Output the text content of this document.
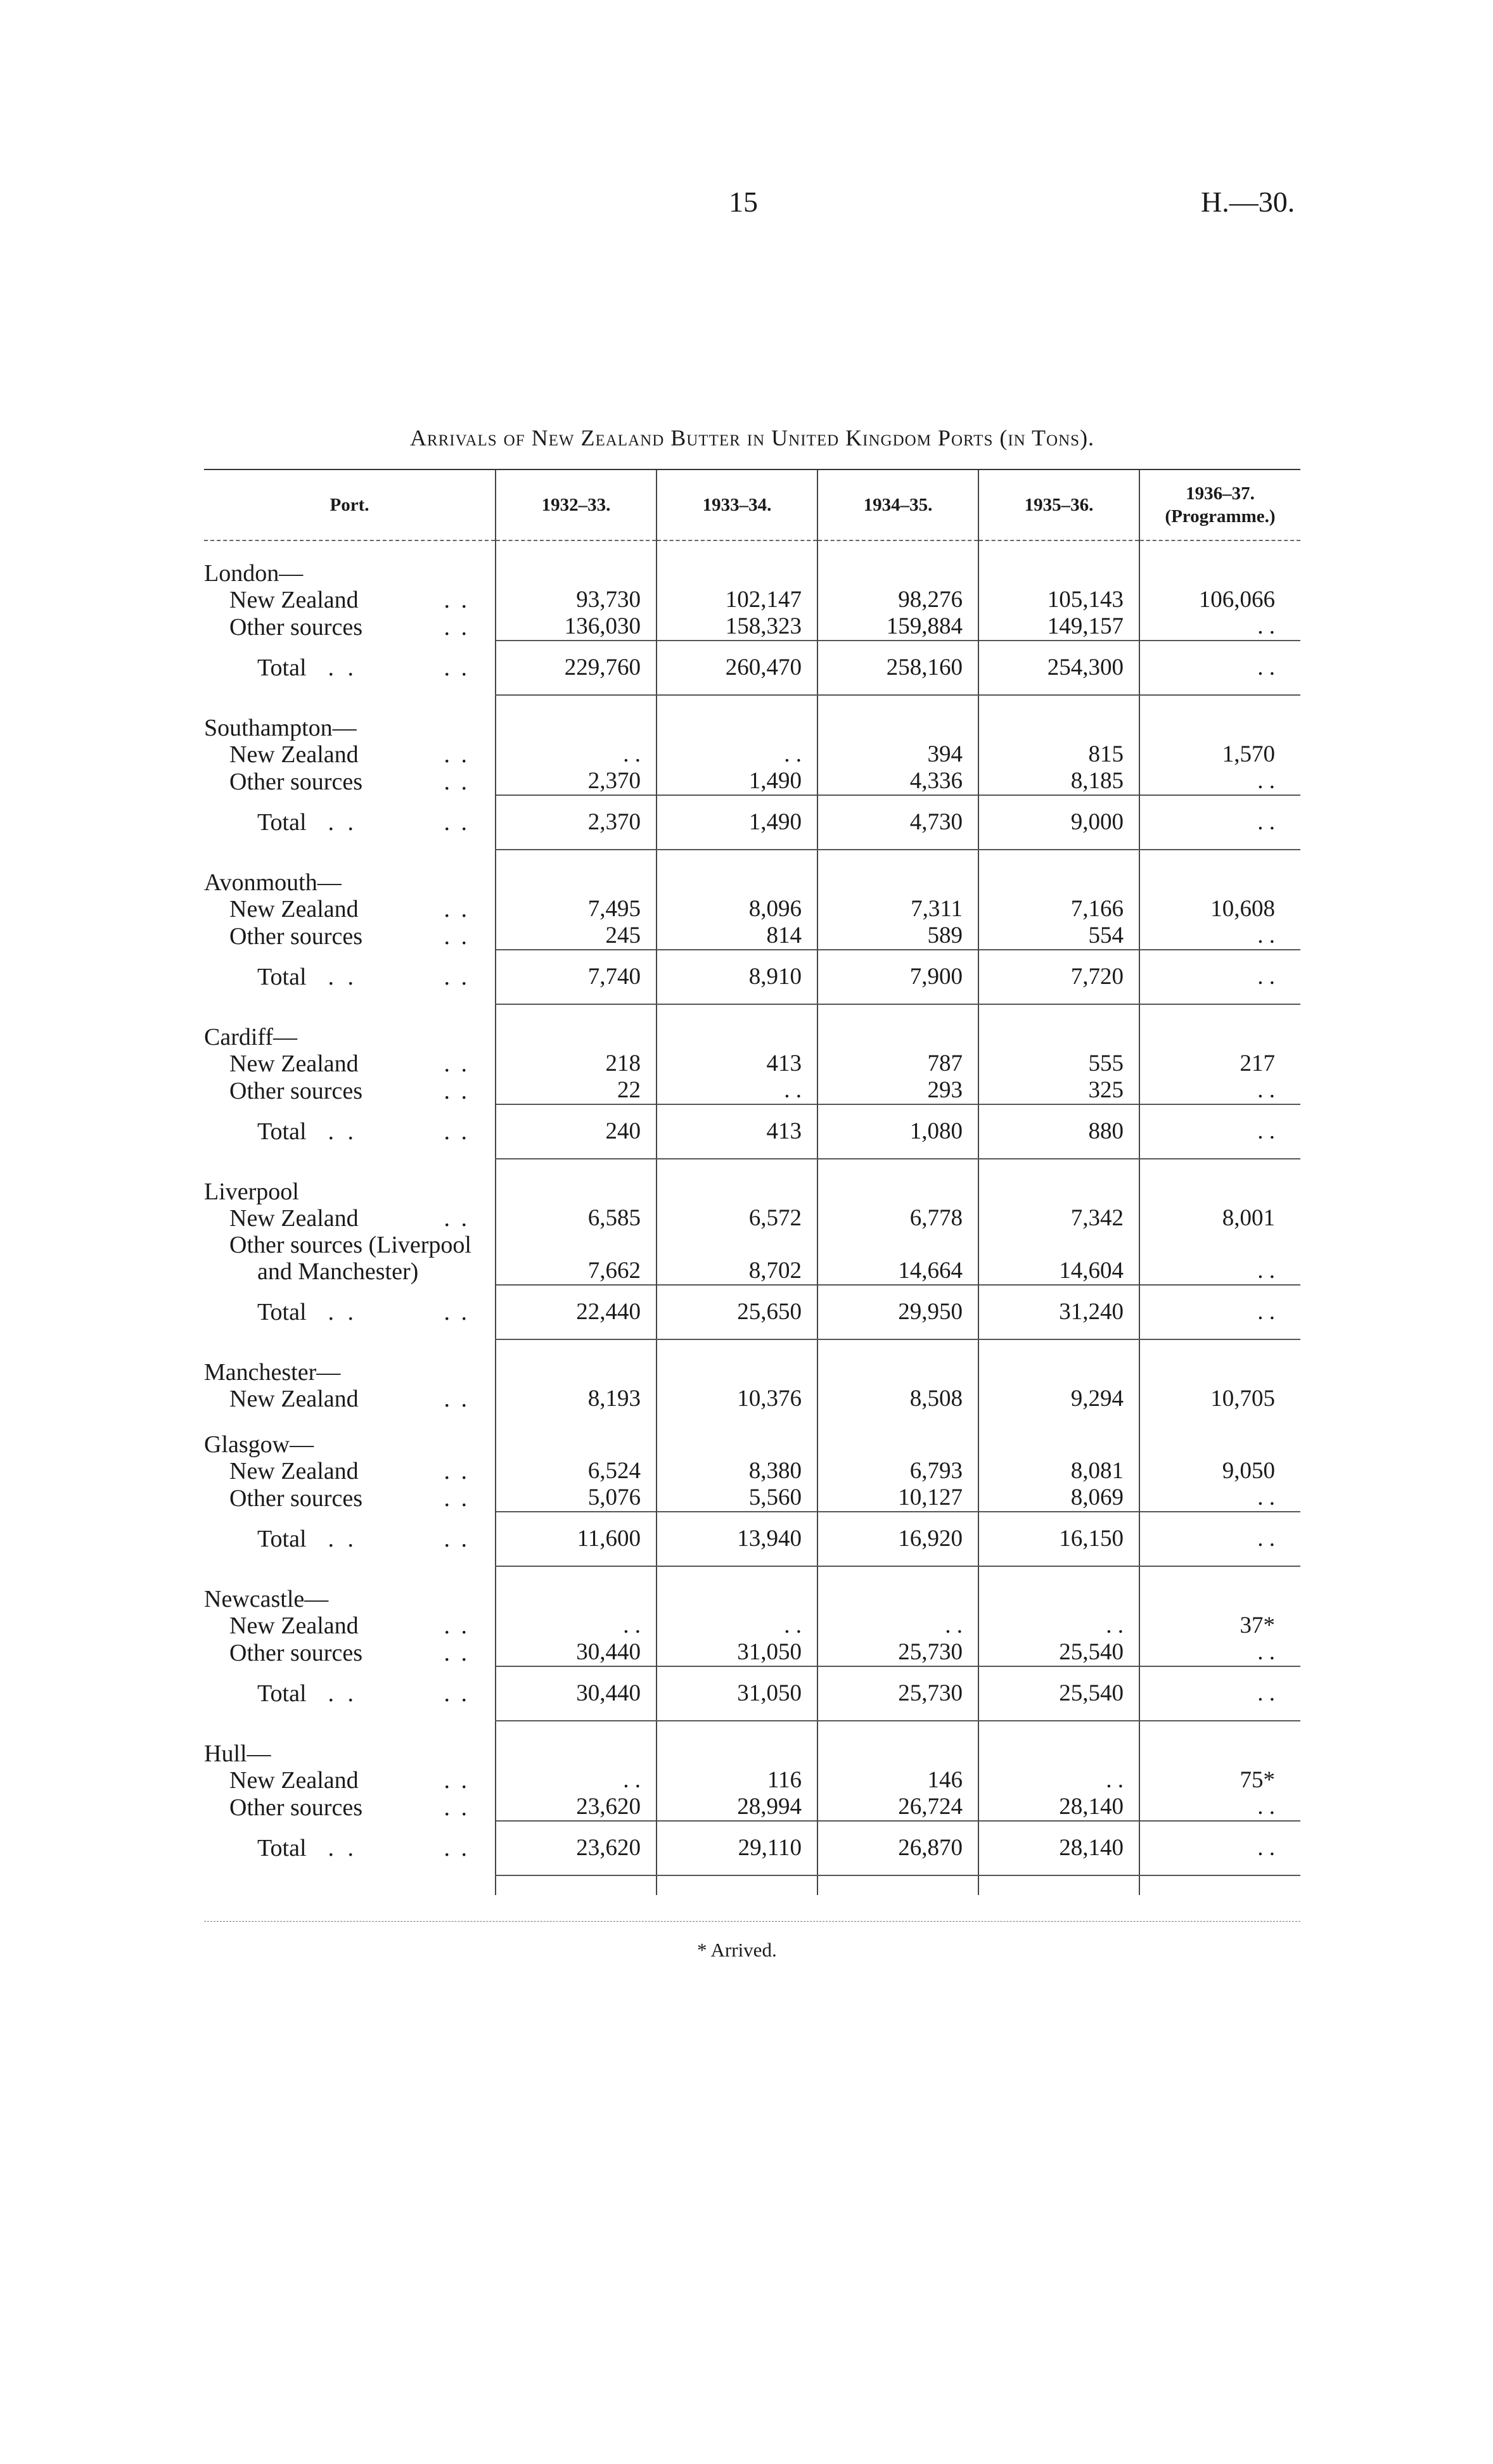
15	H.—30.
Arrivals of New Zealand Butter in United Kingdom Ports (in Tons).
Port.	1932–33.	1933–34.	1934–35.	1935–36.	1936–37.
(Programme.)

London—					

. .
New Zealand	93,730	102,147	98,276	105,143	106,066

. .
Other sources	136,030	158,323	159,884	149,157	. .

. .
Total . .	229,760	260,470	258,160	254,300	. .

Southampton—					

. .
New Zealand	. .	. .	394	815	1,570

. .
Other sources	2,370	1,490	4,336	8,185	. .

. .
Total . .	2,370	1,490	4,730	9,000	. .

Avonmouth—					

. .
New Zealand	7,495	8,096	7,311	7,166	10,608

. .
Other sources	245	814	589	554	. .

. .
Total . .	7,740	8,910	7,900	7,720	. .

Cardiff—					

. .
New Zealand	218	413	787	555	217

. .
Other sources	22	. .	293	325	. .

. .
Total . .	240	413	1,080	880	. .

Liverpool					

. .
New Zealand	6,585	6,572	6,778	7,342	8,001
Other sources (Liverpool
and Manchester)	7,662	8,702	14,664	14,604	. .

. .
Total . .	22,440	25,650	29,950	31,240	. .

Manchester—					

. .
New Zealand	8,193	10,376	8,508	9,294	10,705

Glasgow—					

. .
New Zealand	6,524	8,380	6,793	8,081	9,050

. .
Other sources	5,076	5,560	10,127	8,069	. .

. .
Total . .	11,600	13,940	16,920	16,150	. .

Newcastle—					

. .
New Zealand	. .	. .	. .	. .	37*

. .
Other sources	30,440	31,050	25,730	25,540	. .

. .
Total . .	30,440	31,050	25,730	25,540	. .

Hull—					

. .
New Zealand	. .	116	146	. .	75*

. .
Other sources	23,620	28,994	26,724	28,140	. .

. .
Total . .	23,620	29,110	26,870	28,140	. .

* Arrived.
